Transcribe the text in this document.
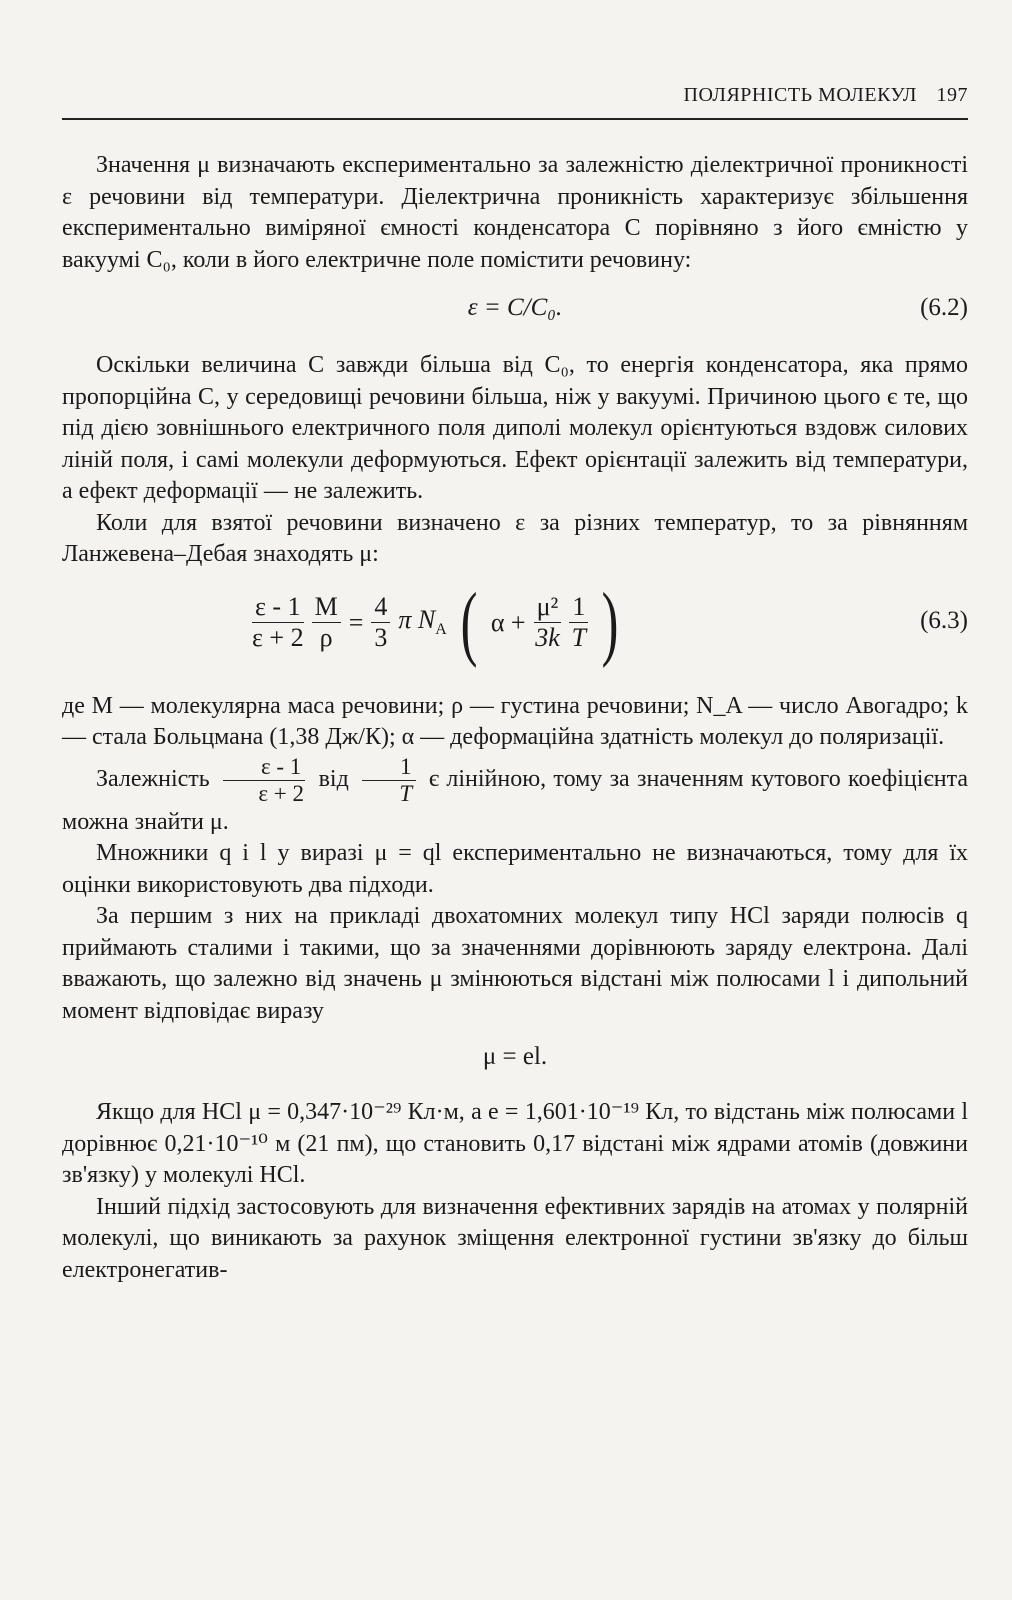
ПОЛЯРНІСТЬ МОЛЕКУЛ 197

Значення μ визначають експериментально за залежністю діелектричної проникності ε речовини від температури. Діелектрична проникність характеризує збільшення експериментально виміряної ємності конденсатора C порівняно з його ємністю у вакуумі C₀, коли в його електричне поле помістити речовину:

ε = C/C₀.	(6.2)

Оскільки величина C завжди більша від C₀, то енергія конденсатора, яка прямо пропорційна C, у середовищі речовини більша, ніж у вакуумі. Причиною цього є те, що під дією зовнішнього електричного поля диполі молекул орієнтуються вздовж силових ліній поля, і самі молекули деформуються. Ефект орієнтації залежить від температури, а ефект деформації — не залежить.

Коли для взятої речовини визначено ε за різних температур, то за рівнянням Ланжевена–Дебая знаходять μ:

$\frac{\varepsilon - 1}{\varepsilon + 2} \frac{M}{\rho} = \frac{4}{3}$ π $N_A$ ( $\alpha + \frac{\text{μ²}}{3k} \frac{1}{T}$ )	(6.3)

де M — молекулярна маса речовини; ρ — густина речовини; N_A — число Авогадро; k — стала Больцмана (1,38 Дж/К); α — деформаційна здатність молекул до поляризації.

Залежність $\frac{\varepsilon - 1}{\varepsilon + 2}$ від $\frac{1}{T}$ є лінійною, тому за значенням кутового коефіцієнта можна знайти μ.

Множники q і l у виразі μ = ql експериментально не визначаються, тому для їх оцінки використовують два підходи.

За першим з них на прикладі двохатомних молекул типу HCl заряди полюсів q приймають сталими і такими, що за значеннями дорівнюють заряду електрона. Далі вважають, що залежно від значень μ змінюються відстані між полюсами l і дипольний момент відповідає виразу

μ = el.

Якщо для HCl μ = 0,347·10⁻²⁹ Кл·м, а e = 1,601·10⁻¹⁹ Кл, то відстань між полюсами l дорівнює 0,21·10⁻¹⁰ м (21 пм), що становить 0,17 відстані між ядрами атомів (довжини зв'язку) у молекулі HCl.

Інший підхід застосовують для визначення ефективних зарядів на атомах у полярній молекулі, що виникають за рахунок зміщення електронної густини зв'язку до більш електронегатив-
